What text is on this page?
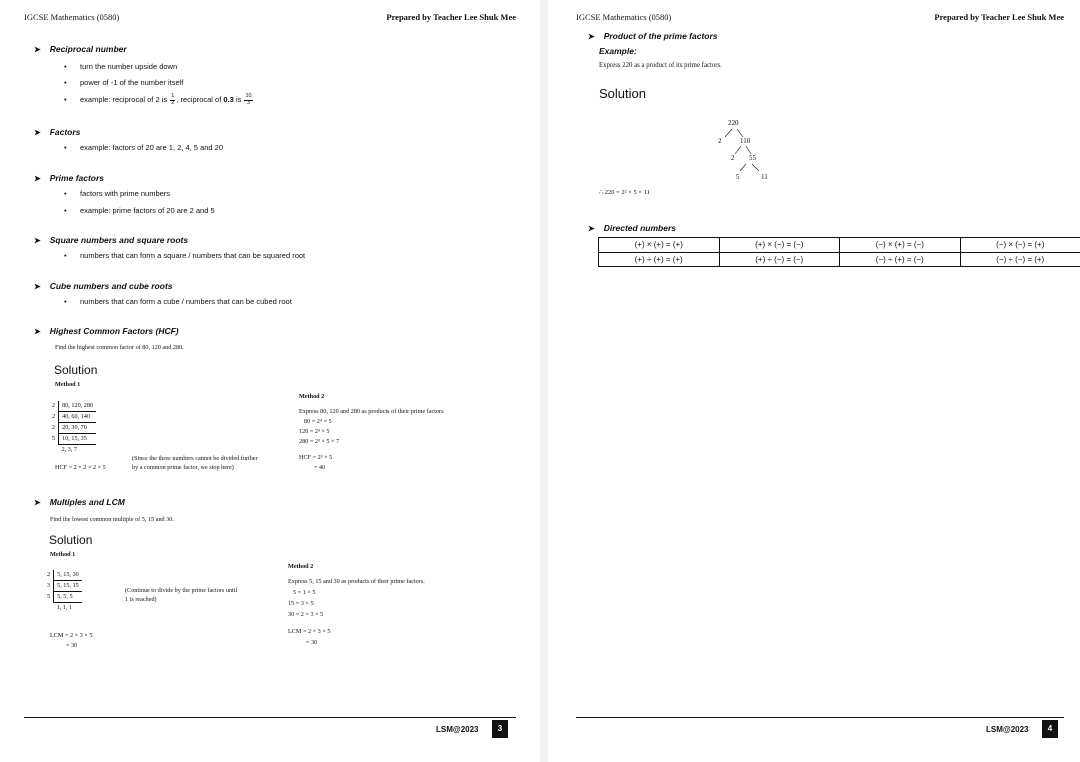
IGCSE Mathematics (0580)	Prepared by Teacher Lee Shuk Mee
➤ Reciprocal number
• turn the number upside down
• power of -1 of the number itself
• example: reciprocal of 2 is $\frac{1}{2}$ , reciprocal of 0.3 is $\frac{10}{3}$
➤ Factors
• example: factors of 20 are 1, 2, 4, 5 and 20
➤ Prime factors
• factors with prime numbers
• example: prime factors of 20 are 2 and 5
➤ Square numbers and square roots
• numbers that can form a square / numbers that can be squared root
➤ Cube numbers and cube roots
• numbers that can form a cube / numbers that can be cubed root
➤ Highest Common Factors (HCF)
Find the highest common factor of 80, 120 and 280.
Solution
Method 1
2	80, 120, 280
2	40, 60, 140
2	20, 30, 70
5	10, 15, 35
	2, 3, 7
(Since the three numbers cannot be divided further
by a common prime factor, we stop here)
HCF = 2 × 2 × 2 × 5
Method 2
Express 80, 120 and 280 as products of their prime factors
80 = 2⁴ × 5
120 = 2³ × 5
280 = 2³ × 5 × 7
HCF = 2³ × 5
= 40
➤ Multiples and LCM
Find the lowest common multiple of 5, 15 and 30.
Solution
Method 1
2	5, 15, 30
3	5, 15, 15
5	5, 5, 5
	1, 1, 1
(Continue to divide by the prime factors until
1 is reached)
LCM = 2 × 3 × 5
= 30
Method 2
Express 5, 15 and 30 as products of their prime factors.
5 = 1 × 5
15 = 3 × 5
30 = 2 × 3 × 5
LCM = 2 × 3 × 5
= 30
LSM@2023	3
IGCSE Mathematics (0580)	Prepared by Teacher Lee Shuk Mee
➤ Product of the prime factors
Example:
Express 220 as a product of its prime factors.
Solution
220
2	110
2 55
5	11
∴ 220 = 2² × 5 × 11
➤ Directed numbers
(+) × (+) = (+)	(+) × (−) = (−)	(−) × (+) = (−)	(−) × (−) = (+)
(+) ÷ (+) = (+)	(+) ÷ (−) = (−)	(−) ÷ (+) = (−)	(−) ÷ (−) = (+)
LSM@2023	4
